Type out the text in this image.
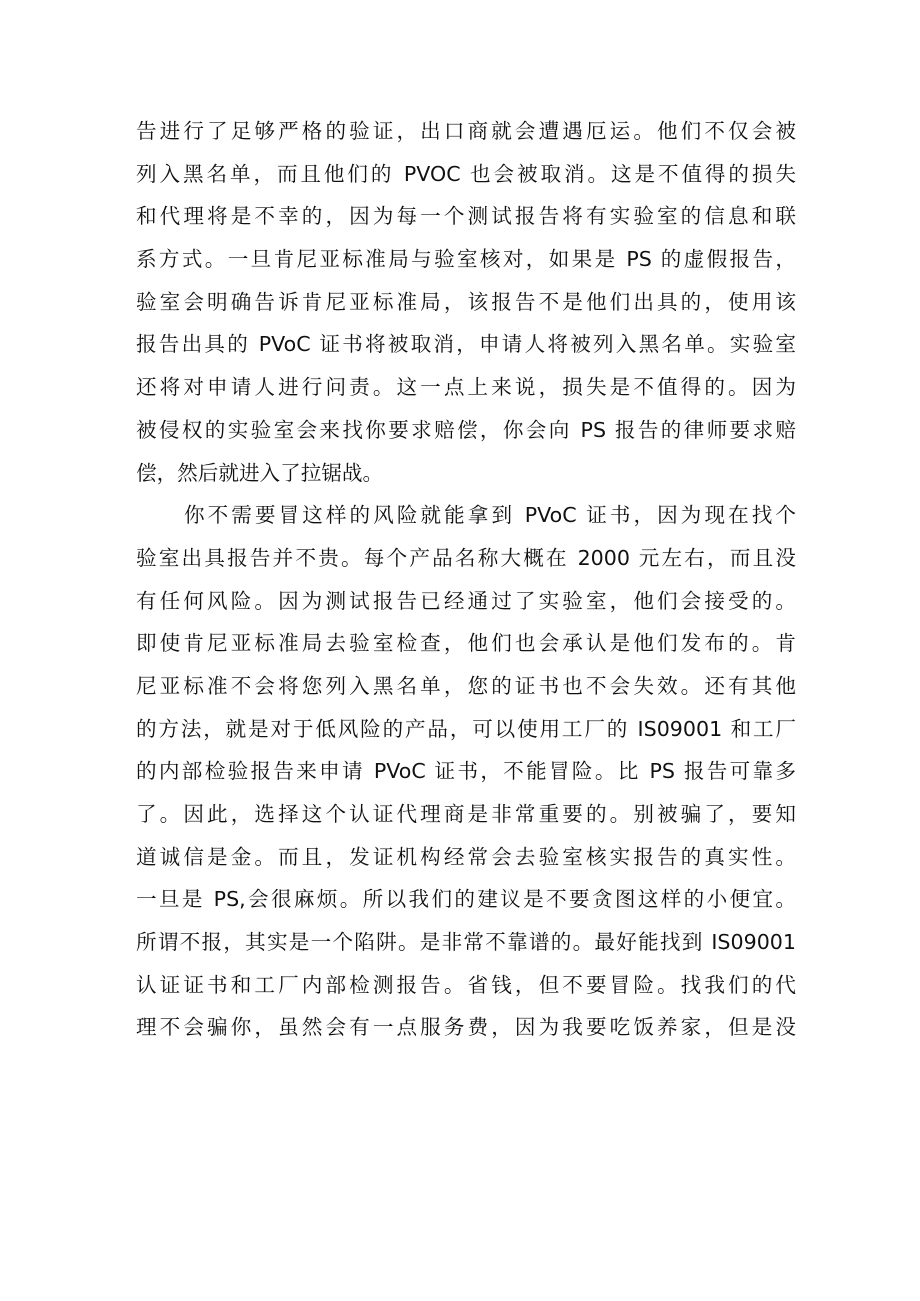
告进行了足够严格的验证，出口商就会遭遇厄运。他们不仅会被
列入黑名单，而且他们的 PVOC 也会被取消。这是不值得的损失
和代理将是不幸的，因为每一个测试报告将有实验室的信息和联
系方式。一旦肯尼亚标准局与验室核对，如果是 PS 的虚假报告，
验室会明确告诉肯尼亚标准局，该报告不是他们出具的，使用该
报告出具的 PVoC 证书将被取消，申请人将被列入黑名单。实验室
还将对申请人进行问责。这一点上来说，损失是不值得的。因为
被侵权的实验室会来找你要求赔偿，你会向 PS 报告的律师要求赔
偿，然后就进入了拉锯战。
你不需要冒这样的风险就能拿到 PVoC 证书，因为现在找个
验室出具报告并不贵。每个产品名称大概在 2000 元左右，而且没
有任何风险。因为测试报告已经通过了实验室，他们会接受的。
即使肯尼亚标准局去验室检查，他们也会承认是他们发布的。肯
尼亚标准不会将您列入黑名单，您的证书也不会失效。还有其他
的方法，就是对于低风险的产品，可以使用工厂的 IS09001 和工厂
的内部检验报告来申请 PVoC 证书，不能冒险。比 PS 报告可靠多
了。因此，选择这个认证代理商是非常重要的。别被骗了，要知
道诚信是金。而且，发证机构经常会去验室核实报告的真实性。
一旦是 PS,会很麻烦。所以我们的建议是不要贪图这样的小便宜。
所谓不报，其实是一个陷阱。是非常不靠谱的。最好能找到 IS09001
认证证书和工厂内部检测报告。省钱，但不要冒险。找我们的代
理不会骗你，虽然会有一点服务费，因为我要吃饭养家，但是没
